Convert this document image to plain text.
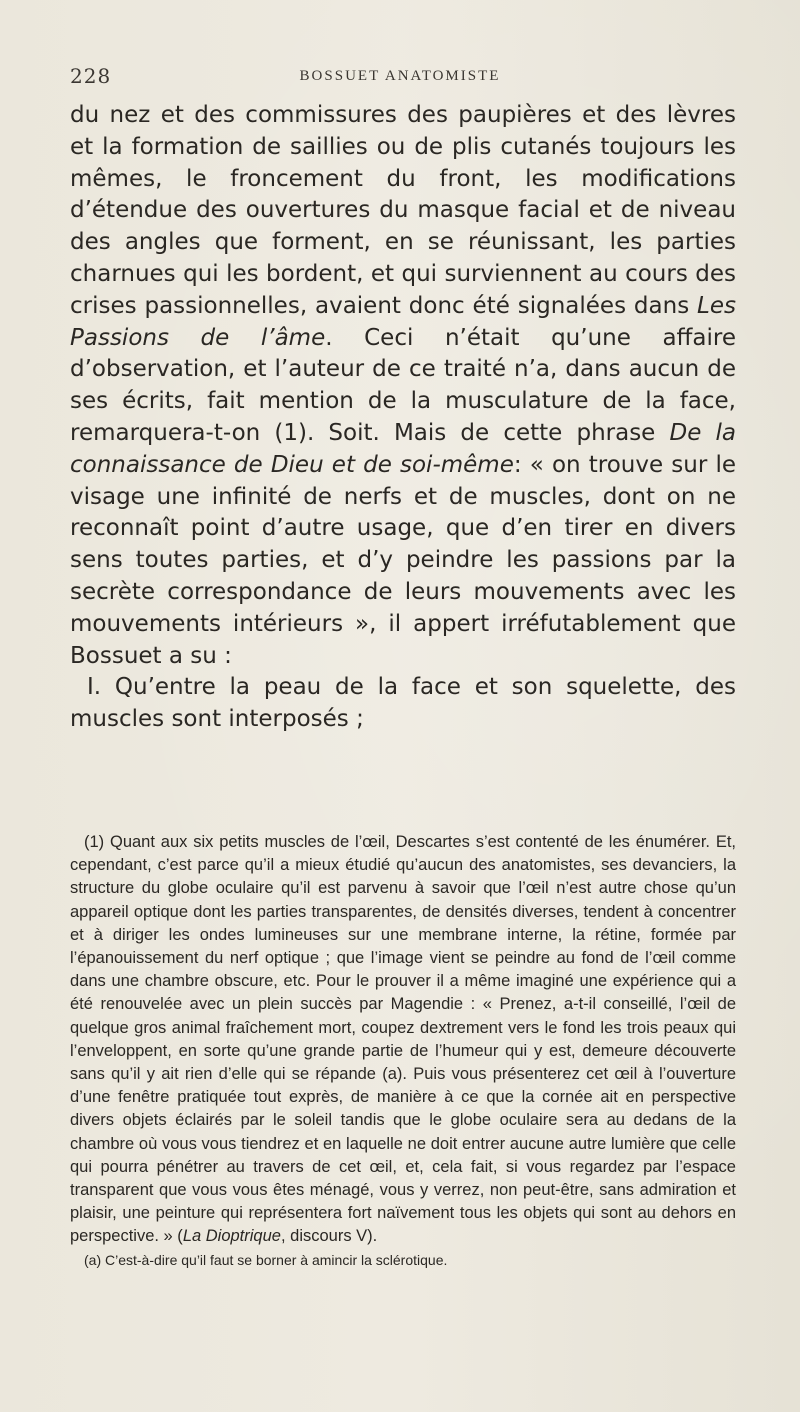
228	BOSSUET ANATOMISTE

du nez et des commissures des paupières et des lèvres et la formation de saillies ou de plis cutanés toujours les mêmes, le froncement du front, les modifications d’étendue des ouvertures du masque facial et de niveau des angles que forment, en se réunissant, les parties charnues qui les bordent, et qui surviennent au cours des crises passionnelles, avaient donc été signalées dans Les Passions de l’âme. Ceci n’était qu’une affaire d’observation, et l’auteur de ce traité n’a, dans aucun de ses écrits, fait mention de la musculature de la face, remarquera-t-on (1). Soit. Mais de cette phrase De la connaissance de Dieu et de soi-même: « on trouve sur le visage une infinité de nerfs et de muscles, dont on ne reconnaît point d’autre usage, que d’en tirer en divers sens toutes parties, et d’y peindre les passions par la secrète correspondance de leurs mouvements avec les mouvements intérieurs », il appert irréfutablement que Bossuet a su :

I. Qu’entre la peau de la face et son squelette, des muscles sont interposés ;

(1) Quant aux six petits muscles de l’œil, Descartes s’est contenté de les énumérer. Et, cependant, c’est parce qu’il a mieux étudié qu’aucun des anatomistes, ses devanciers, la structure du globe oculaire qu’il est parvenu à savoir que l’œil n’est autre chose qu’un appareil optique dont les parties transparentes, de densités diverses, tendent à concentrer et à diriger les ondes lumineuses sur une membrane interne, la rétine, formée par l’épanouissement du nerf optique ; que l’image vient se peindre au fond de l’œil comme dans une chambre obscure, etc. Pour le prouver il a même imaginé une expérience qui a été renouvelée avec un plein succès par Magendie : « Prenez, a-t-il conseillé, l’œil de quelque gros animal fraîchement mort, coupez dextrement vers le fond les trois peaux qui l’enveloppent, en sorte qu’une grande partie de l’humeur qui y est, demeure découverte sans qu’il y ait rien d’elle qui se répande (a). Puis vous présenterez cet œil à l’ouverture d’une fenêtre pratiquée tout exprès, de manière à ce que la cornée ait en perspective divers objets éclairés par le soleil tandis que le globe oculaire sera au dedans de la chambre où vous vous tiendrez et en laquelle ne doit entrer aucune autre lumière que celle qui pourra pénétrer au travers de cet œil, et, cela fait, si vous regardez par l’espace transparent que vous vous êtes ménagé, vous y verrez, non peut-être, sans admiration et plaisir, une peinture qui représentera fort naïvement tous les objets qui sont au dehors en perspective. » (La Dioptrique, discours V).

(a) C’est-à-dire qu’il faut se borner à amincir la sclérotique.
